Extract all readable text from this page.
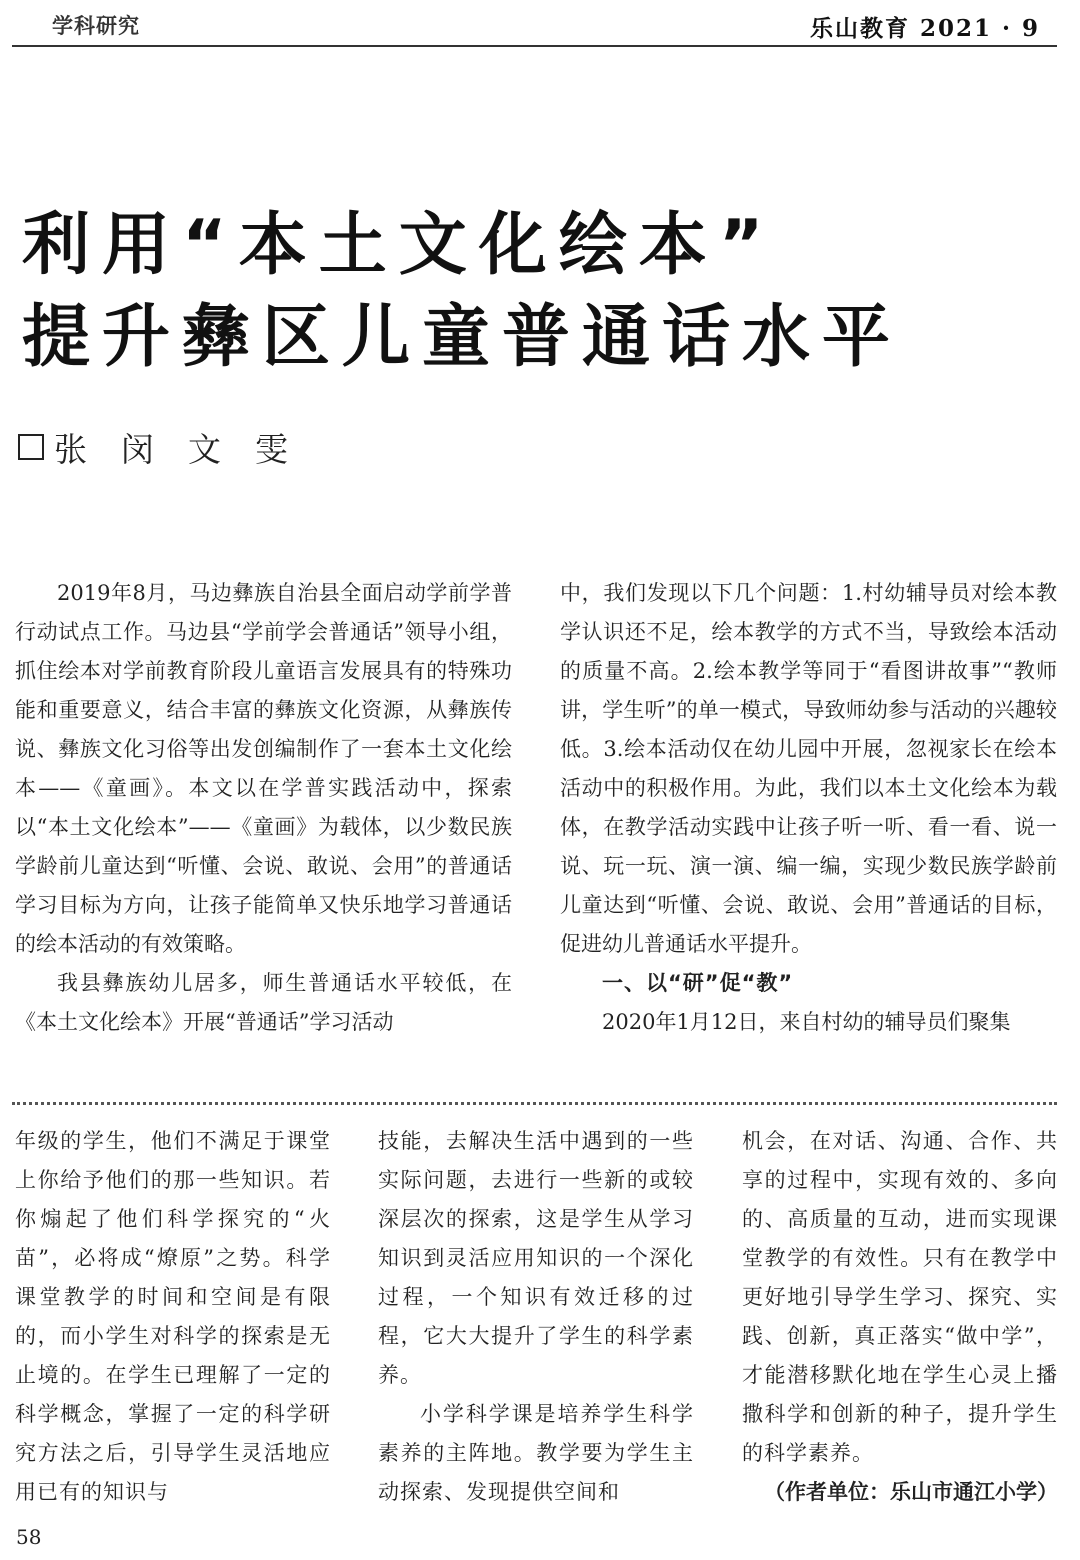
学科研究	乐山教育 2021 · 9
利用“本土文化绘本”
提升彝区儿童普通话水平
张闵文雯

2019年8月，马边彝族自治县全面启动学前学普行动试点工作。马边县“学前学会普通话”领导小组，抓住绘本对学前教育阶段儿童语言发展具有的特殊功能和重要意义，结合丰富的彝族文化资源，从彝族传说、彝族文化习俗等出发创编制作了一套本土文化绘本——《童画》。本文以在学普实践活动中，探索以“本土文化绘本”——《童画》为载体，以少数民族学龄前儿童达到“听懂、会说、敢说、会用”的普通话学习目标为方向，让孩子能简单又快乐地学习普通话的绘本活动的有效策略。

我县彝族幼儿居多，师生普通话水平较低，在《本土文化绘本》开展“普通话”学习活动

中，我们发现以下几个问题：1.村幼辅导员对绘本教学认识还不足，绘本教学的方式不当，导致绘本活动的质量不高。2.绘本教学等同于“看图讲故事”“教师讲，学生听”的单一模式，导致师幼参与活动的兴趣较低。3.绘本活动仅在幼儿园中开展，忽视家长在绘本活动中的积极作用。为此，我们以本土文化绘本为载体，在教学活动实践中让孩子听一听、看一看、说一说、玩一玩、演一演、编一编，实现少数民族学龄前儿童达到“听懂、会说、敢说、会用”普通话的目标，促进幼儿普通话水平提升。

一、以“研”促“教”

2020年1月12日，来自村幼的辅导员们聚集

年级的学生，他们不满足于课堂上你给予他们的那一些知识。若你煽起了他们科学探究的“火苗”，必将成“燎原”之势。科学课堂教学的时间和空间是有限的，而小学生对科学的探索是无止境的。在学生已理解了一定的科学概念，掌握了一定的科学研究方法之后，引导学生灵活地应用已有的知识与

技能，去解决生活中遇到的一些实际问题，去进行一些新的或较深层次的探索，这是学生从学习知识到灵活应用知识的一个深化过程，一个知识有效迁移的过程，它大大提升了学生的科学素养。

小学科学课是培养学生科学素养的主阵地。教学要为学生主动探索、发现提供空间和

机会，在对话、沟通、合作、共享的过程中，实现有效的、多向的、高质量的互动，进而实现课堂教学的有效性。只有在教学中更好地引导学生学习、探究、实践、创新，真正落实“做中学”，才能潜移默化地在学生心灵上播撒科学和创新的种子，提升学生的科学素养。

（作者单位：乐山市通江小学）

58
